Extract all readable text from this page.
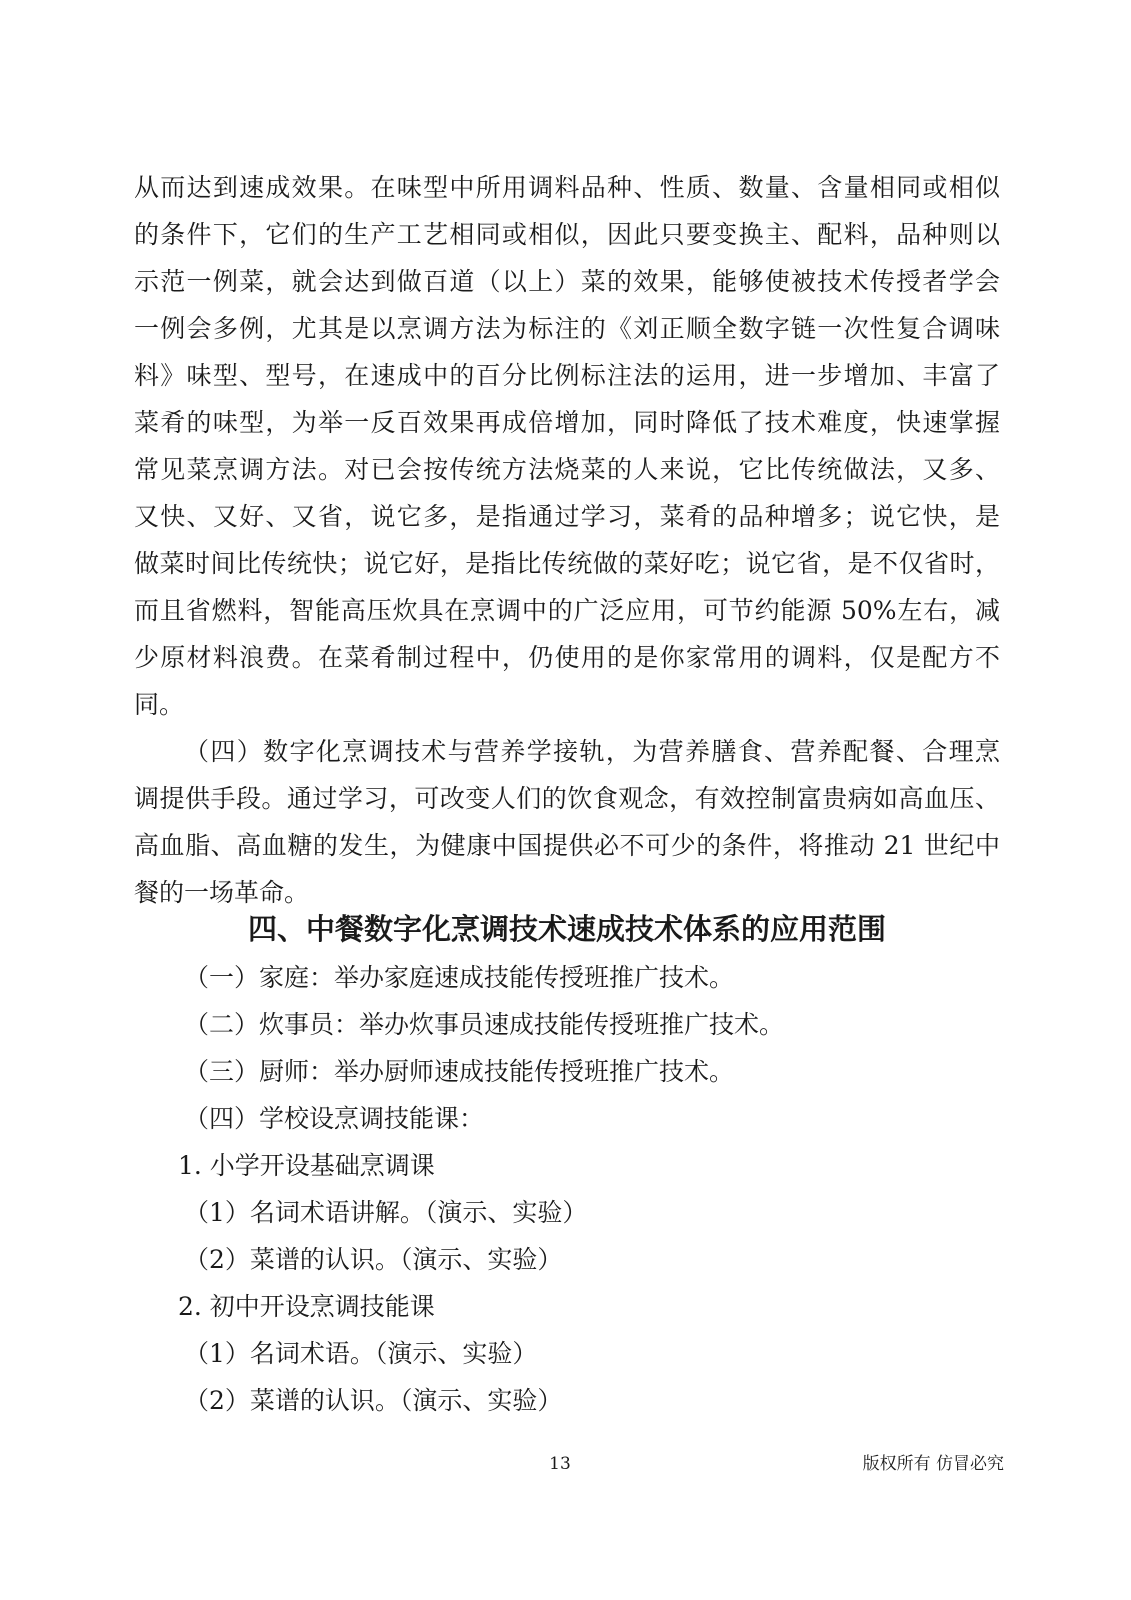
从而达到速成效果。在味型中所用调料品种、性质、数量、含量相同或相似
的条件下，它们的生产工艺相同或相似，因此只要变换主、配料，品种则以
示范一例菜，就会达到做百道（以上）菜的效果，能够使被技术传授者学会
一例会多例，尤其是以烹调方法为标注的《刘正顺全数字链一次性复合调味
料》味型、型号，在速成中的百分比例标注法的运用，进一步增加、丰富了
菜肴的味型，为举一反百效果再成倍增加，同时降低了技术难度，快速掌握
常见菜烹调方法。对已会按传统方法烧菜的人来说，它比传统做法，又多、
又快、又好、又省，说它多，是指通过学习，菜肴的品种增多；说它快，是
做菜时间比传统快；说它好，是指比传统做的菜好吃；说它省，是不仅省时，
而且省燃料，智能高压炊具在烹调中的广泛应用，可节约能源 50%左右，减
少原材料浪费。在菜肴制过程中，仍使用的是你家常用的调料，仅是配方不
同。
（四）数字化烹调技术与营养学接轨，为营养膳食、营养配餐、合理烹
调提供手段。通过学习，可改变人们的饮食观念，有效控制富贵病如高血压、
高血脂、高血糖的发生，为健康中国提供必不可少的条件，将推动 21 世纪中
餐的一场革命。
四、中餐数字化烹调技术速成技术体系的应用范围
（一）家庭：举办家庭速成技能传授班推广技术。
（二）炊事员：举办炊事员速成技能传授班推广技术。
（三）厨师：举办厨师速成技能传授班推广技术。
（四）学校设烹调技能课：
1. 小学开设基础烹调课
（1）名词术语讲解。（演示、实验）
（2）菜谱的认识。（演示、实验）
2. 初中开设烹调技能课
（1）名词术语。（演示、实验）
（2）菜谱的认识。（演示、实验）
13	版权所有 仿冒必究
